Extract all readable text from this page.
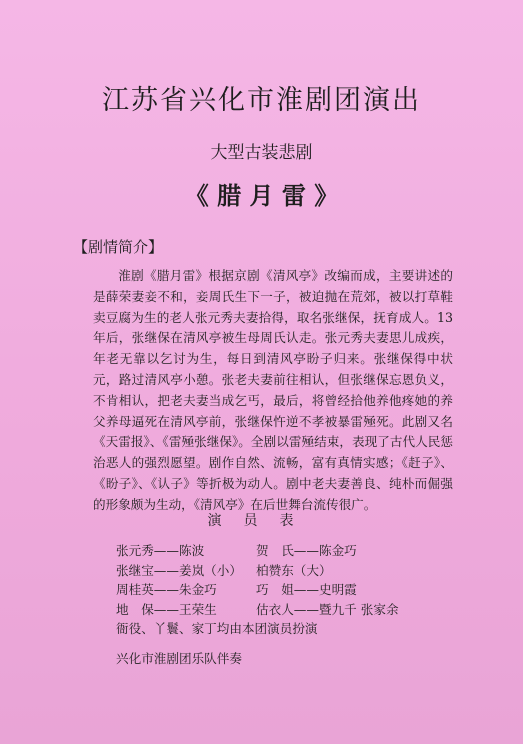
江苏省兴化市淮剧团演出
大型古装悲剧
《 腊 月 雷 》
【剧情简介】
淮剧《腊月雷》根据京剧《清风亭》改编而成，主要讲述的是薛荣妻妾不和，妾周氏生下一子，被迫抛在荒郊，被以打草鞋卖豆腐为生的老人张元秀夫妻拾得，取名张继保，抚育成人。13年后，张继保在清风亭被生母周氏认走。张元秀夫妻思儿成疾，年老无靠以乞讨为生，每日到清风亭盼子归来。张继保得中状元，路过清风亭小憩。张老夫妻前往相认，但张继保忘恩负义，不肯相认，把老夫妻当成乞丐，最后，将曾经拾他养他疼她的养父养母逼死在清风亭前，张继保忤逆不孝被暴雷殛死。此剧又名《天雷报》、《雷殛张继保》。全剧以雷殛结束，表现了古代人民惩治恶人的强烈愿望。剧作自然、流畅，富有真情实感；《赶子》、《盼子》、《认子》等折极为动人。剧中老夫妻善良、纯朴而倔强的形象颇为生动，《清风亭》在后世舞台流传很广。
演员表
张元秀——陈波	贺　氏——陈金巧
张继宝——姜岚（小）	柏赞东（大）
周桂英——朱金巧	巧　姐——史明霞
地　保——王荣生	估衣人——暨九千 张家余
衙役、丫鬟、家丁均由本团演员扮演
兴化市淮剧团乐队伴奏
